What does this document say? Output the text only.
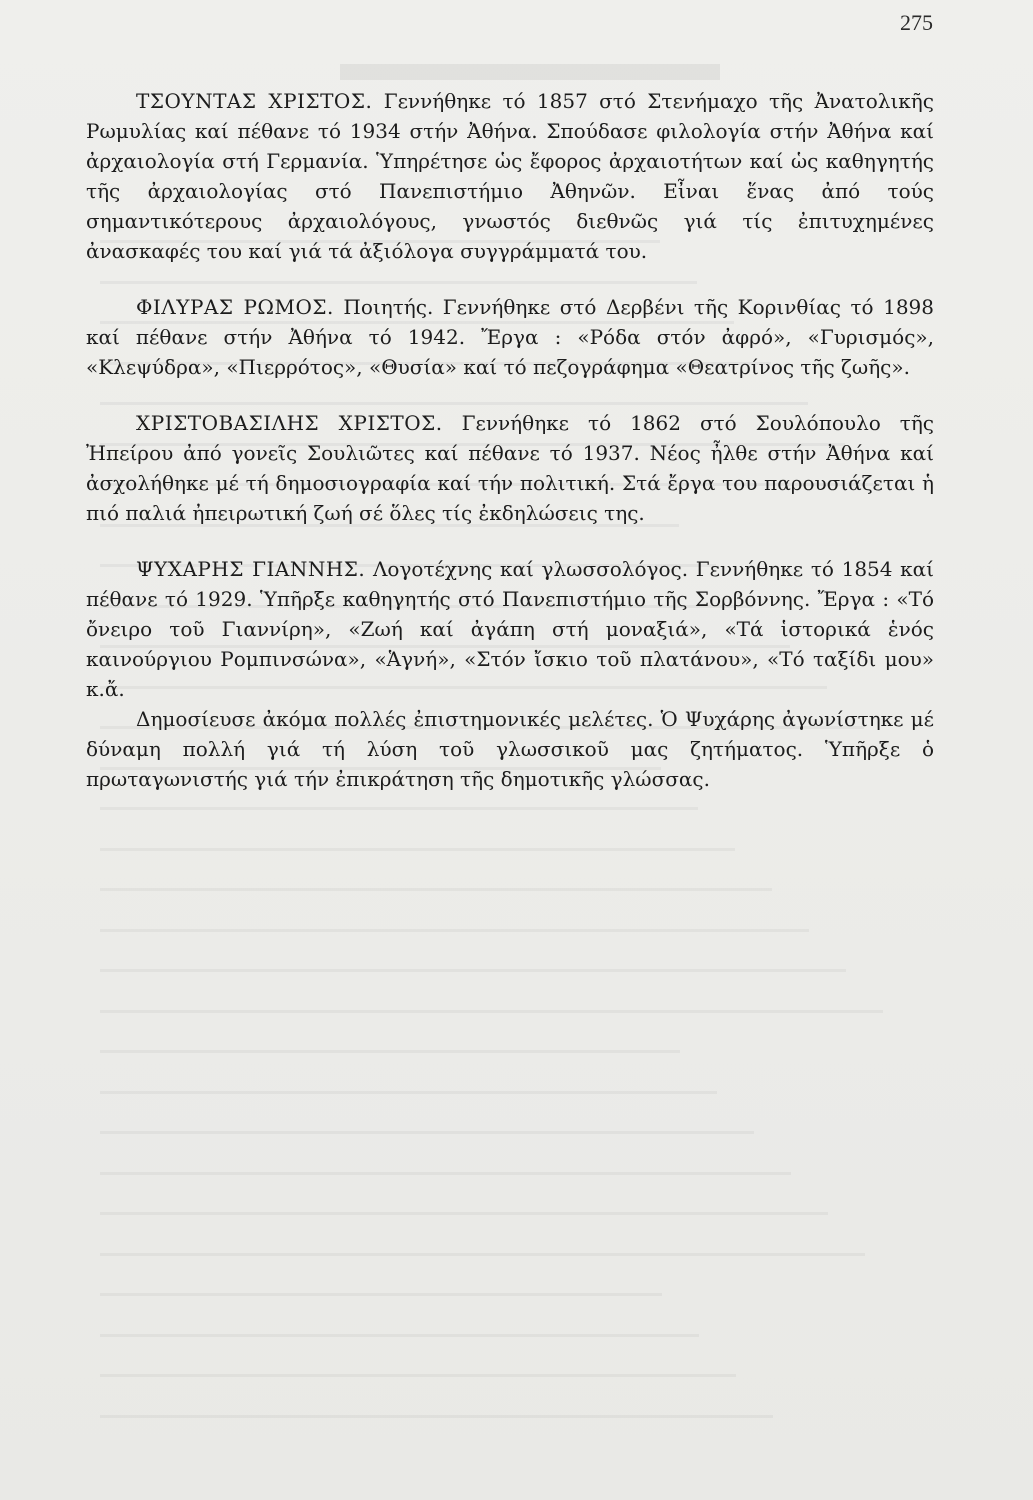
275

ΤΣΟΥΝΤΑΣ ΧΡΙΣΤΟΣ. Γεννήθηκε τό 1857 στό Στενήμαχο τῆς Ἀνατολικῆς Ρωμυλίας καί πέθανε τό 1934 στήν Ἀθήνα. Σπούδασε φιλολογία στήν Ἀθήνα καί ἀρχαιολογία στή Γερμανία. Ὑπηρέτησε ὡς ἔφορος ἀρχαιοτήτων καί ὡς καθηγητής τῆς ἀρχαιολογίας στό Πανεπιστήμιο Ἀθηνῶν. Εἶναι ἕνας ἀπό τούς σημαντικότερους ἀρχαιολόγους, γνωστός διεθνῶς γιά τίς ἐπιτυχημένες ἀνασκαφές του καί γιά τά ἀξιόλογα συγγράμματά του.

ΦΙΛΥΡΑΣ ΡΩΜΟΣ. Ποιητής. Γεννήθηκε στό Δερβένι τῆς Κορινθίας τό 1898 καί πέθανε στήν Ἀθήνα τό 1942. Ἔργα : «Ρόδα στόν ἀφρό», «Γυρισμός», «Κλεψύδρα», «Πιερρότος», «Θυσία» καί τό πεζογράφημα «Θεατρίνος τῆς ζωῆς».

ΧΡΙΣΤΟΒΑΣΙΛΗΣ ΧΡΙΣΤΟΣ. Γεννήθηκε τό 1862 στό Σουλόπουλο τῆς Ἠπείρου ἀπό γονεῖς Σουλιῶτες καί πέθανε τό 1937. Νέος ἦλθε στήν Ἀθήνα καί ἀσχολήθηκε μέ τή δημοσιογραφία καί τήν πολιτική. Στά ἔργα του παρουσιάζεται ἡ πιό παλιά ἠπειρωτική ζωή σέ ὅλες τίς ἐκδηλώσεις της.

ΨΥΧΑΡΗΣ ΓΙΑΝΝΗΣ. Λογοτέχνης καί γλωσσολόγος. Γεννήθηκε τό 1854 καί πέθανε τό 1929. Ὑπῆρξε καθηγητής στό Πανεπιστήμιο τῆς Σορβόννης. Ἔργα : «Τό ὄνειρο τοῦ Γιαννίρη», «Ζωή καί ἀγάπη στή μοναξιά», «Τά ἱστορικά ἑνός καινούργιου Ρομπινσώνα», «Ἁγνή», «Στόν ἴσκιο τοῦ πλατάνου», «Τό ταξίδι μου» κ.ἄ.

Δημοσίευσε ἀκόμα πολλές ἐπιστημονικές μελέτες. Ὁ Ψυχάρης ἀγωνίστηκε μέ δύναμη πολλή γιά τή λύση τοῦ γλωσσικοῦ μας ζητήματος. Ὑπῆρξε ὁ πρωταγωνιστής γιά τήν ἐπικράτηση τῆς δημοτικῆς γλώσσας.
